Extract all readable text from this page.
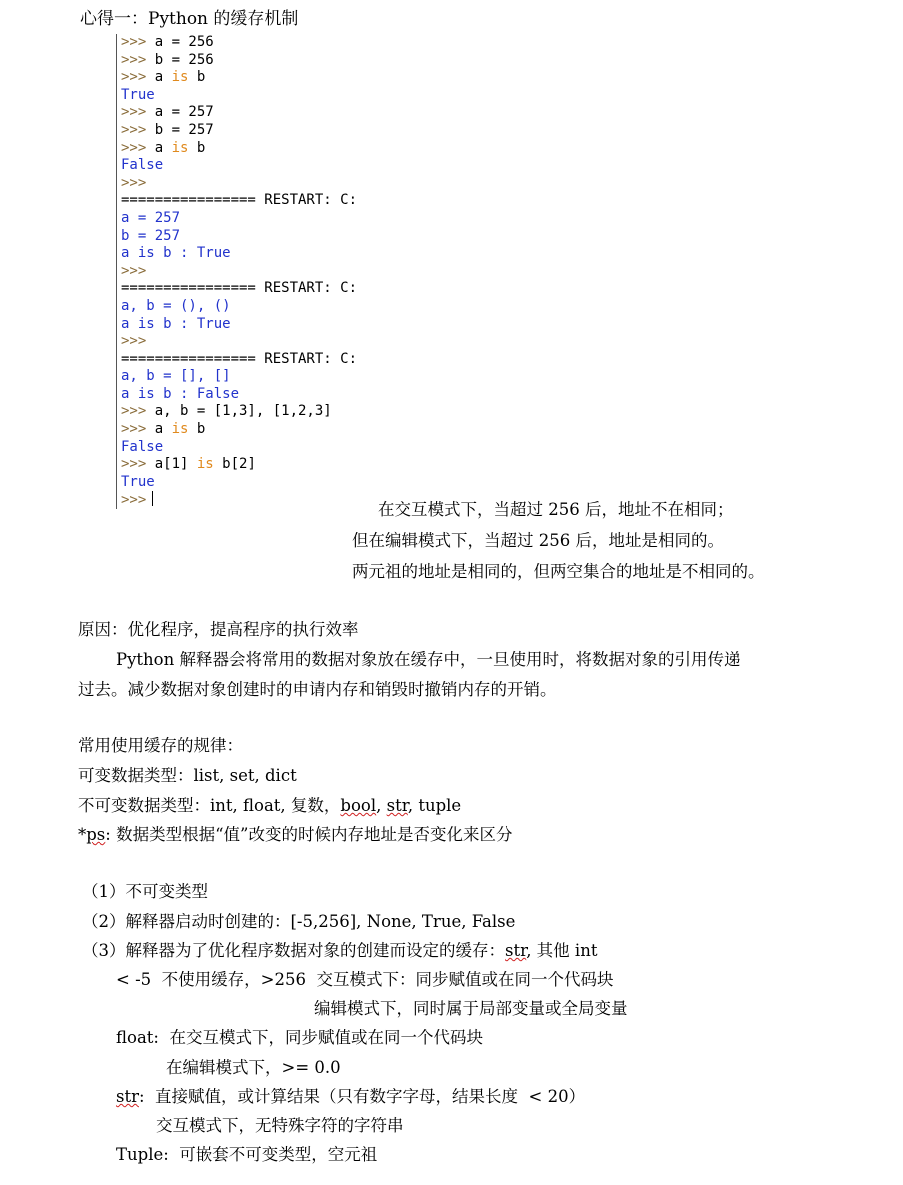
心得一：Python 的缓存机制
>>> a = 256
>>> b = 256
>>> a is b
True
>>> a = 257
>>> b = 257
>>> a is b
False
>>>
================ RESTART: C:
a = 257
b = 257
a is b : True
>>>
================ RESTART: C:
a, b = (), ()
a is b : True
>>>
================ RESTART: C:
a, b = [], []
a is b : False
>>> a, b = [1,3], [1,2,3]
>>> a is b
False
>>> a[1] is b[2]
True
>>>	在交互模式下，当超过 256 后，地址不在相同；
但在编辑模式下，当超过 256 后，地址是相同的。
两元祖的地址是相同的，但两空集合的地址是不相同的。
原因：优化程序，提高程序的执行效率
Python 解释器会将常用的数据对象放在缓存中，一旦使用时，将数据对象的引用传递
过去。减少数据对象创建时的申请内存和销毁时撤销内存的开销。
常用使用缓存的规律：
可变数据类型：list, set, dict
不可变数据类型：int, float, 复数，bool, str, tuple
*ps: 数据类型根据“值”改变的时候内存地址是否变化来区分
（1）不可变类型
（2）解释器启动时创建的：[-5,256], None, True, False
（3）解释器为了优化程序数据对象的创建而设定的缓存：str, 其他 int
< -5  不使用缓存，>256  交互模式下：同步赋值或在同一个代码块
编辑模式下，同时属于局部变量或全局变量
float:  在交互模式下，同步赋值或在同一个代码块
在编辑模式下，>= 0.0
str:  直接赋值，或计算结果（只有数字字母，结果长度  < 20）
交互模式下，无特殊字符的字符串
Tuple:  可嵌套不可变类型，空元祖
